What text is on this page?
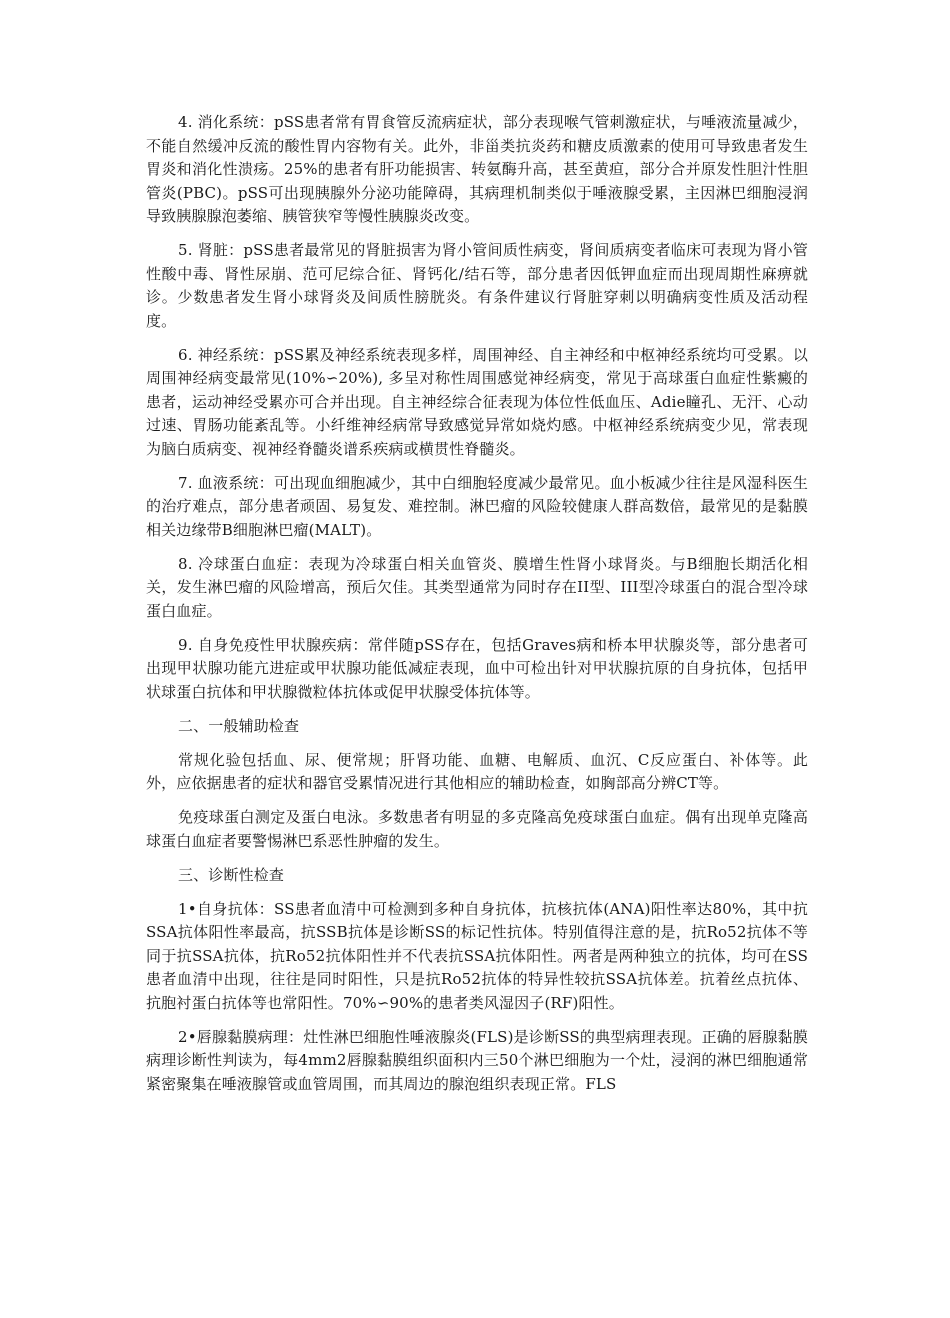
4. 消化系统：pSS患者常有胃食管反流病症状，部分表现喉气管刺激症状，与唾液流量减少，不能自然缓冲反流的酸性胃内容物有关。此外，非甾类抗炎药和糖皮质激素的使用可导致患者发生胃炎和消化性溃疡。25%的患者有肝功能损害、转氨酶升高，甚至黄疸，部分合并原发性胆汁性胆管炎(PBC)。pSS可出现胰腺外分泌功能障碍，其病理机制类似于唾液腺受累，主因淋巴细胞浸润导致胰腺腺泡萎缩、胰管狭窄等慢性胰腺炎改变。

5. 肾脏：pSS患者最常见的肾脏损害为肾小管间质性病变，肾间质病变者临床可表现为肾小管性酸中毒、肾性尿崩、范可尼综合征、肾钙化/结石等，部分患者因低钾血症而出现周期性麻痹就诊。少数患者发生肾小球肾炎及间质性膀胱炎。有条件建议行肾脏穿刺以明确病变性质及活动程度。

6. 神经系统：pSS累及神经系统表现多样，周围神经、自主神经和中枢神经系统均可受累。以周围神经病变最常见(10%∽20%), 多呈对称性周围感觉神经病变，常见于高球蛋白血症性紫癜的患者，运动神经受累亦可合并出现。自主神经综合征表现为体位性低血压、Adie瞳孔、无汗、心动过速、胃肠功能紊乱等。小纤维神经病常导致感觉异常如烧灼感。中枢神经系统病变少见，常表现为脑白质病变、视神经脊髓炎谱系疾病或横贯性脊髓炎。

7. 血液系统：可出现血细胞减少，其中白细胞轻度减少最常见。血小板减少往往是风湿科医生的治疗难点，部分患者顽固、易复发、难控制。淋巴瘤的风险较健康人群高数倍，最常见的是黏膜相关边缘带B细胞淋巴瘤(MALT)。

8. 冷球蛋白血症：表现为冷球蛋白相关血管炎、膜增生性肾小球肾炎。与B细胞长期活化相关，发生淋巴瘤的风险增高，预后欠佳。其类型通常为同时存在II型、III型冷球蛋白的混合型冷球蛋白血症。

9. 自身免疫性甲状腺疾病：常伴随pSS存在，包括Graves病和桥本甲状腺炎等，部分患者可出现甲状腺功能亢进症或甲状腺功能低减症表现，血中可检出针对甲状腺抗原的自身抗体，包括甲状球蛋白抗体和甲状腺微粒体抗体或促甲状腺受体抗体等。

二、一般辅助检查

常规化验包括血、尿、便常规；肝肾功能、血糖、电解质、血沉、C反应蛋白、补体等。此外，应依据患者的症状和器官受累情况进行其他相应的辅助检查，如胸部高分辨CT等。

免疫球蛋白测定及蛋白电泳。多数患者有明显的多克隆高免疫球蛋白血症。偶有出现单克隆高球蛋白血症者要警惕淋巴系恶性肿瘤的发生。

三、诊断性检查

1•自身抗体：SS患者血清中可检测到多种自身抗体，抗核抗体(ANA)阳性率达80%，其中抗SSA抗体阳性率最高，抗SSB抗体是诊断SS的标记性抗体。特别值得注意的是，抗Ro52抗体不等同于抗SSA抗体，抗Ro52抗体阳性并不代表抗SSA抗体阳性。两者是两种独立的抗体，均可在SS患者血清中出现，往往是同时阳性，只是抗Ro52抗体的特异性较抗SSA抗体差。抗着丝点抗体、抗胞衬蛋白抗体等也常阳性。70%∽90%的患者类风湿因子(RF)阳性。

2•唇腺黏膜病理：灶性淋巴细胞性唾液腺炎(FLS)是诊断SS的典型病理表现。正确的唇腺黏膜病理诊断性判读为，每4mm2唇腺黏膜组织面积内三50个淋巴细胞为一个灶，浸润的淋巴细胞通常紧密聚集在唾液腺管或血管周围，而其周边的腺泡组织表现正常。FLS
